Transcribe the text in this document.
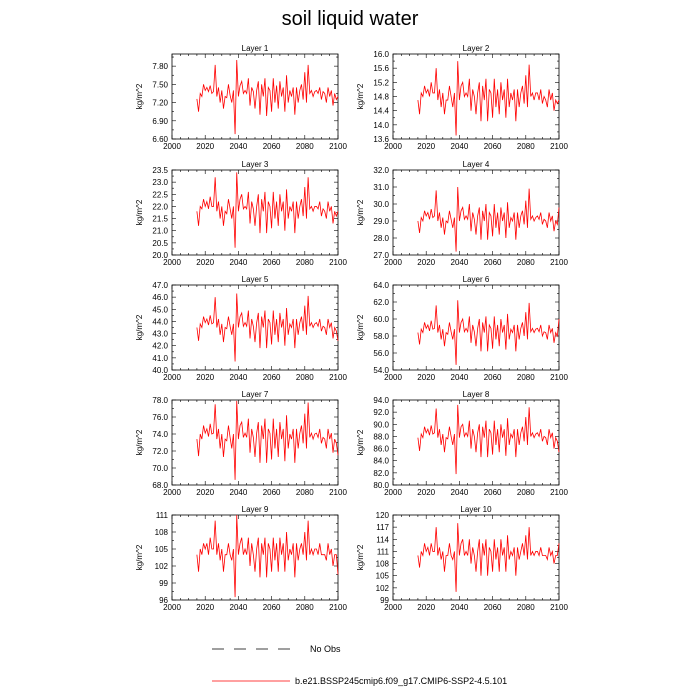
soil liquid water
Layer 1
2000 2020 2040 2060 2080 2100
6.60
6.90
7.20
7.50
7.80
kg/m^2
Layer 2
2000 2020 2040 2060 2080 2100
13.6
14.0
14.4
14.8
15.2
15.6
16.0
kg/m^2
Layer 3
2000 2020 2040 2060 2080 2100
20.0
20.5
21.0
21.5
22.0
22.5
23.0
23.5
kg/m^2
Layer 4
2000 2020 2040 2060 2080 2100
27.0
28.0
29.0
30.0
31.0
32.0
kg/m^2
Layer 5
2000 2020 2040 2060 2080 2100
40.0
41.0
42.0
43.0
44.0
45.0
46.0
47.0
kg/m^2
Layer 6
2000 2020 2040 2060 2080 2100
54.0
56.0
58.0
60.0
62.0
64.0
kg/m^2
Layer 7
2000 2020 2040 2060 2080 2100
68.0
70.0
72.0
74.0
76.0
78.0
kg/m^2
Layer 8
2000 2020 2040 2060 2080 2100
80.0
82.0
84.0
86.0
88.0
90.0
92.0
94.0
kg/m^2
Layer 9
2000 2020 2040 2060 2080 2100
96
99
102
105
108
111
kg/m^2
Layer 10
2000 2020 2040 2060 2080 2100
99
102
105
108
111
114
117
120
kg/m^2
No Obs
b.e21.BSSP245cmip6.f09_g17.CMIP6-SSP2-4.5.101
